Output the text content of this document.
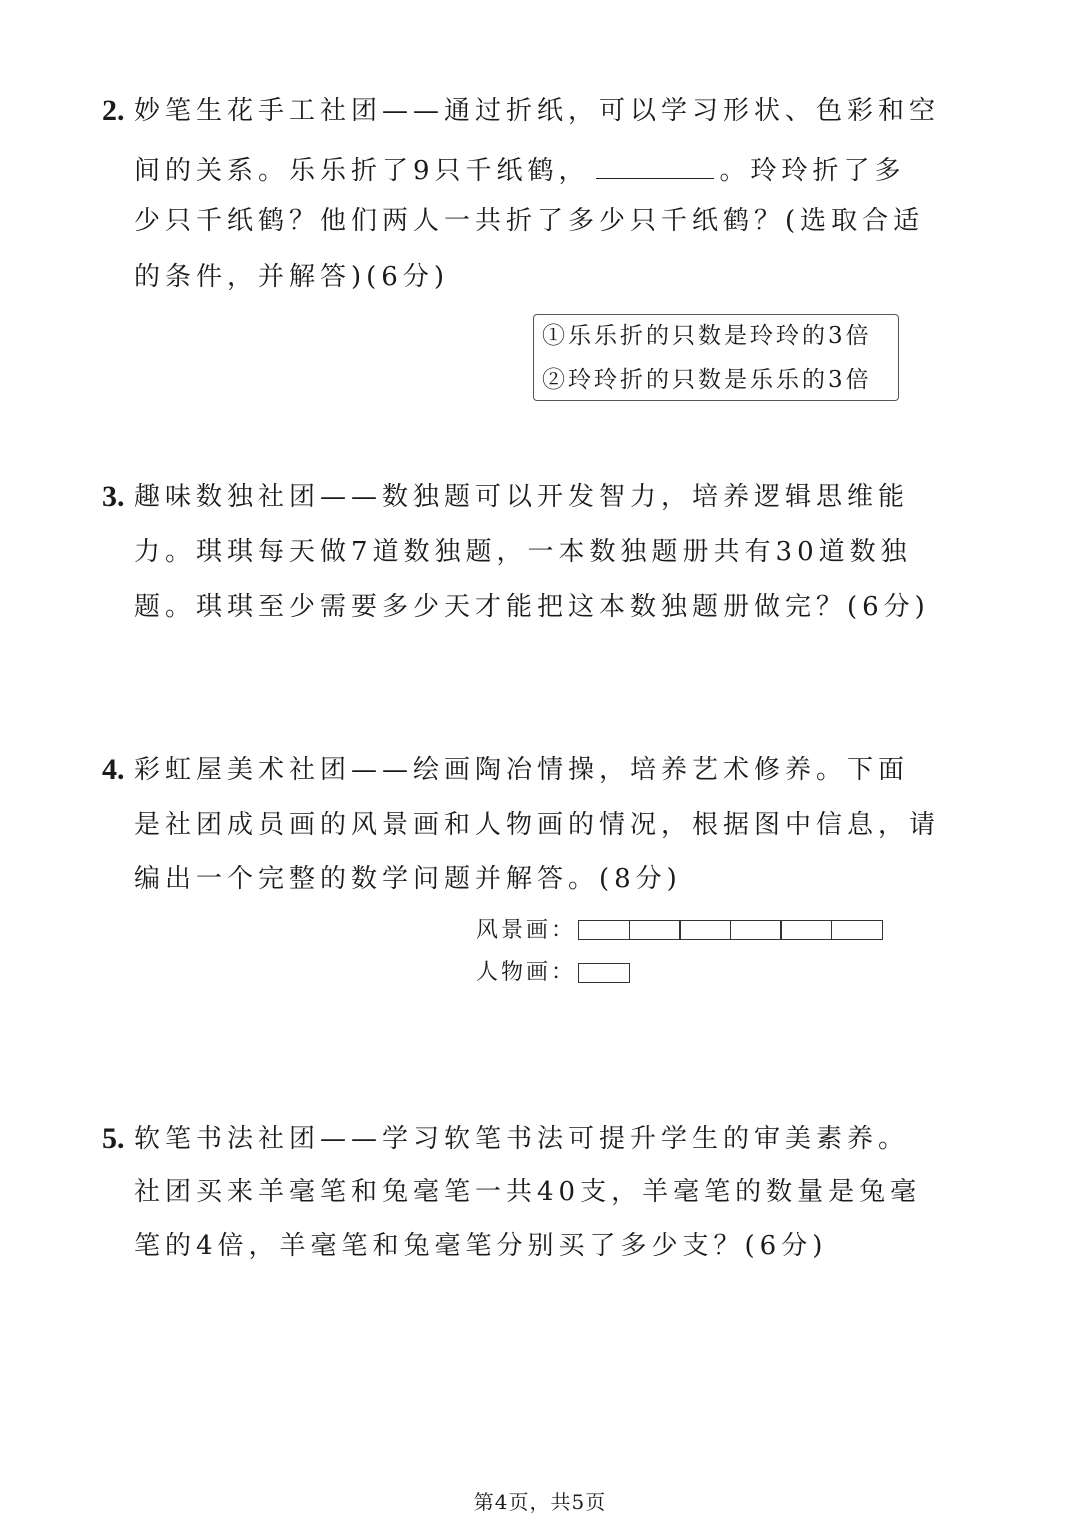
2. 妙笔生花手工社团——通过折纸，可以学习形状、色彩和空
间的关系。乐乐折了9只千纸鹤，	。玲玲折了多
少只千纸鹤？他们两人一共折了多少只千纸鹤？(选取合适
的条件，并解答)(6分)
①乐乐折的只数是玲玲的3倍
②玲玲折的只数是乐乐的3倍
3. 趣味数独社团——数独题可以开发智力，培养逻辑思维能
力。琪琪每天做7道数独题，一本数独题册共有30道数独
题。琪琪至少需要多少天才能把这本数独题册做完？(6分)
4. 彩虹屋美术社团——绘画陶冶情操，培养艺术修养。下面
是社团成员画的风景画和人物画的情况，根据图中信息，请
编出一个完整的数学问题并解答。(8分)
风景画：
人物画：
5. 软笔书法社团——学习软笔书法可提升学生的审美素养。
社团买来羊毫笔和兔毫笔一共40支，羊毫笔的数量是兔毫
笔的4倍，羊毫笔和兔毫笔分别买了多少支？(6分)
第4页，共5页
